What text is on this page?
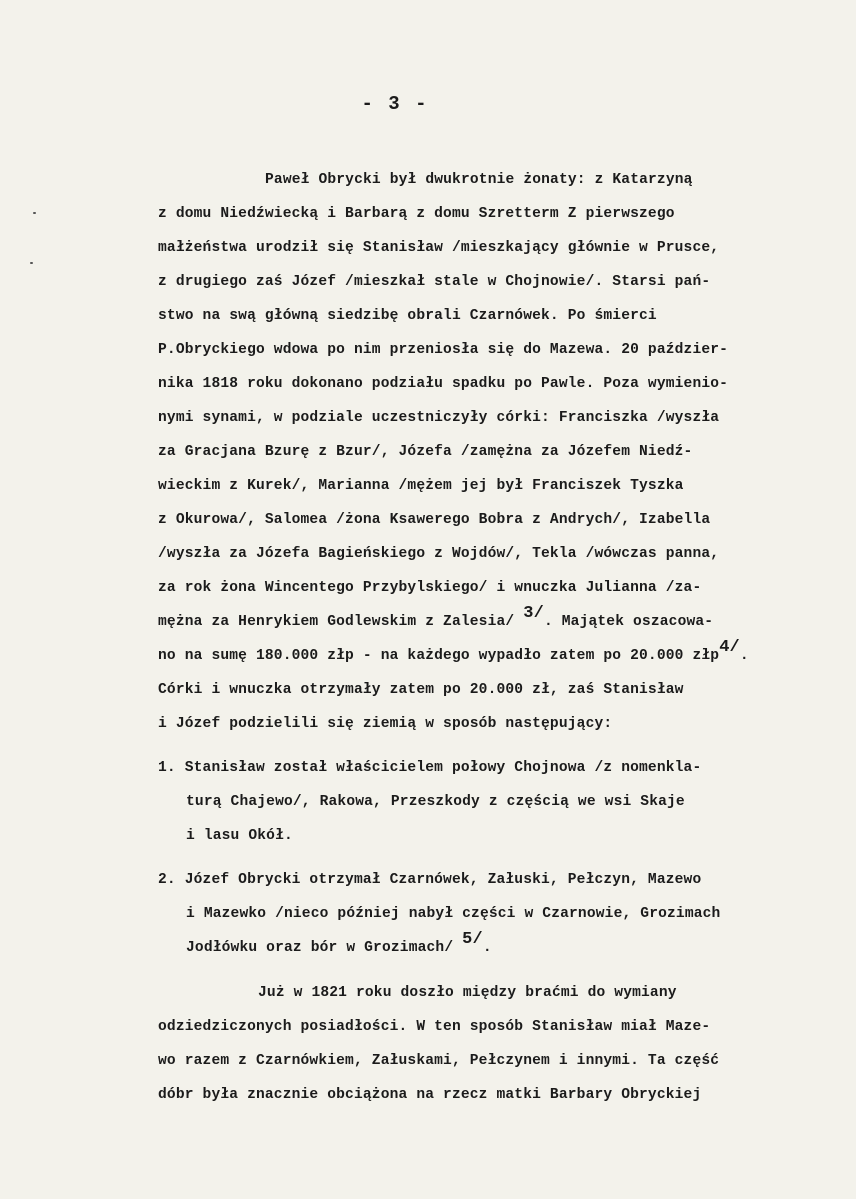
- 3 -
Paweł Obrycki był dwukrotnie żonaty: z Katarzyną
z domu Niedźwiecką i Barbarą z domu Szretterm Z pierwszego
małżeństwa urodził się Stanisław /mieszkający głównie w Prusce,
z drugiego zaś Józef /mieszkał stale w Chojnowie/. Starsi pań-
stwo na swą główną siedzibę obrali Czarnówek. Po śmierci
P.Obryckiego wdowa po nim przeniosła się do Mazewa. 20 paździer-
nika 1818 roku dokonano podziału spadku po Pawle. Poza wymienio-
nymi synami, w podziale uczestniczyły córki: Franciszka /wyszła
za Gracjana Bzurę z Bzur/, Józefa /zamężna za Józefem Niedź-
wieckim z Kurek/, Marianna /mężem jej był Franciszek Tyszka
z Okurowa/, Salomea /żona Ksawerego Bobra z Andrych/, Izabella
/wyszła za Józefa Bagieńskiego z Wojdów/, Tekla /wówczas panna,
za rok żona Wincentego Przybylskiego/ i wnuczka Julianna /za-
mężna za Henrykiem Godlewskim z Zalesia/ 3/. Majątek oszacowa-
no na sumę 180.000 złp - na każdego wypadło zatem po 20.000 złp4/.
Córki i wnuczka otrzymały zatem po 20.000 zł, zaś Stanisław
i Józef podzielili się ziemią w sposób następujący:
1. Stanisław został właścicielem połowy Chojnowa /z nomenkla-
turą Chajewo/, Rakowa, Przeszkody z częścią we wsi Skaje
i lasu Okół.
2. Józef Obrycki otrzymał Czarnówek, Załuski, Pełczyn, Mazewo
i Mazewko /nieco później nabył części w Czarnowie, Grozimach
Jodłówku oraz bór w Grozimach/ 5/.
Już w 1821 roku doszło między braćmi do wymiany
odziedziczonych posiadłości. W ten sposób Stanisław miał Maze-
wo razem z Czarnówkiem, Załuskami, Pełczynem i innymi. Ta część
dóbr była znacznie obciążona na rzecz matki Barbary Obryckiej
